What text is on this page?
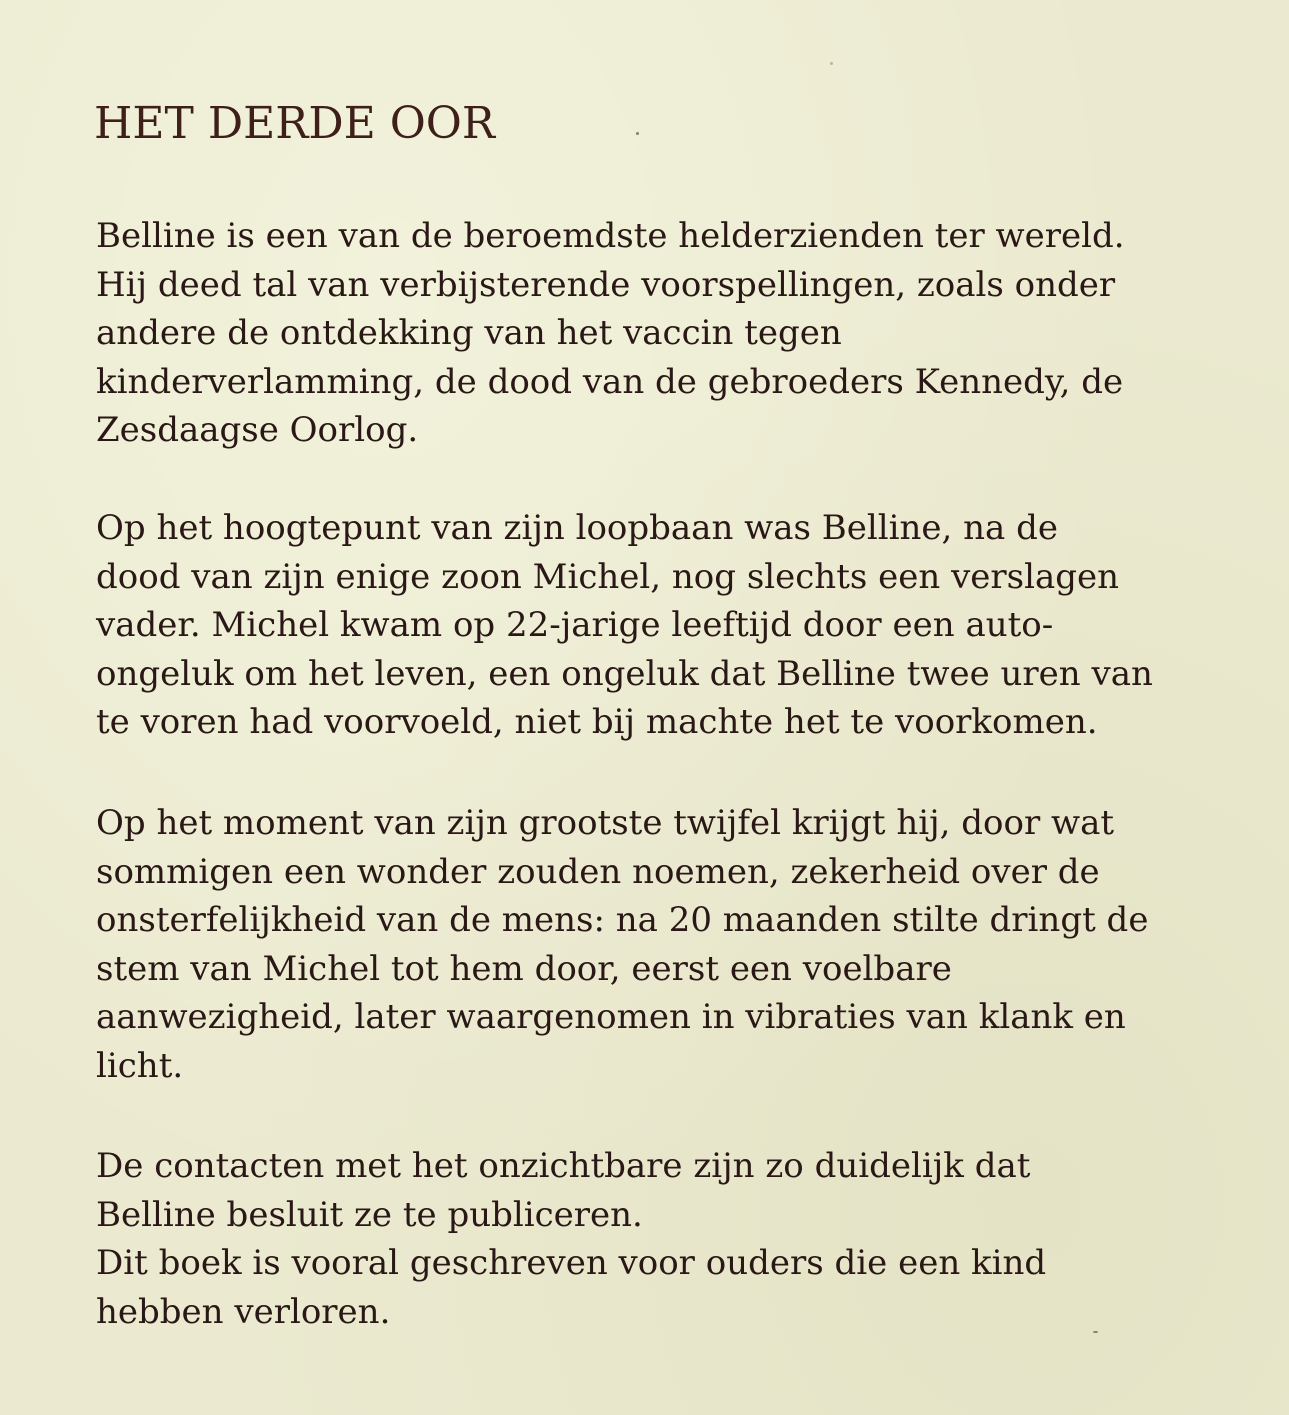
HET DERDE OOR
Belline is een van de beroemdste helderzienden ter wereld.
Hij deed tal van verbijsterende voorspellingen, zoals onder
andere de ontdekking van het vaccin tegen
kinderverlamming, de dood van de gebroeders Kennedy, de
Zesdaagse Oorlog.
Op het hoogtepunt van zijn loopbaan was Belline, na de
dood van zijn enige zoon Michel, nog slechts een verslagen
vader. Michel kwam op 22-jarige leeftijd door een auto-
ongeluk om het leven, een ongeluk dat Belline twee uren van
te voren had voorvoeld, niet bij machte het te voorkomen.
Op het moment van zijn grootste twijfel krijgt hij, door wat
sommigen een wonder zouden noemen, zekerheid over de
onsterfelijkheid van de mens: na 20 maanden stilte dringt de
stem van Michel tot hem door, eerst een voelbare
aanwezigheid, later waargenomen in vibraties van klank en
licht.
De contacten met het onzichtbare zijn zo duidelijk dat
Belline besluit ze te publiceren.
Dit boek is vooral geschreven voor ouders die een kind
hebben verloren.
